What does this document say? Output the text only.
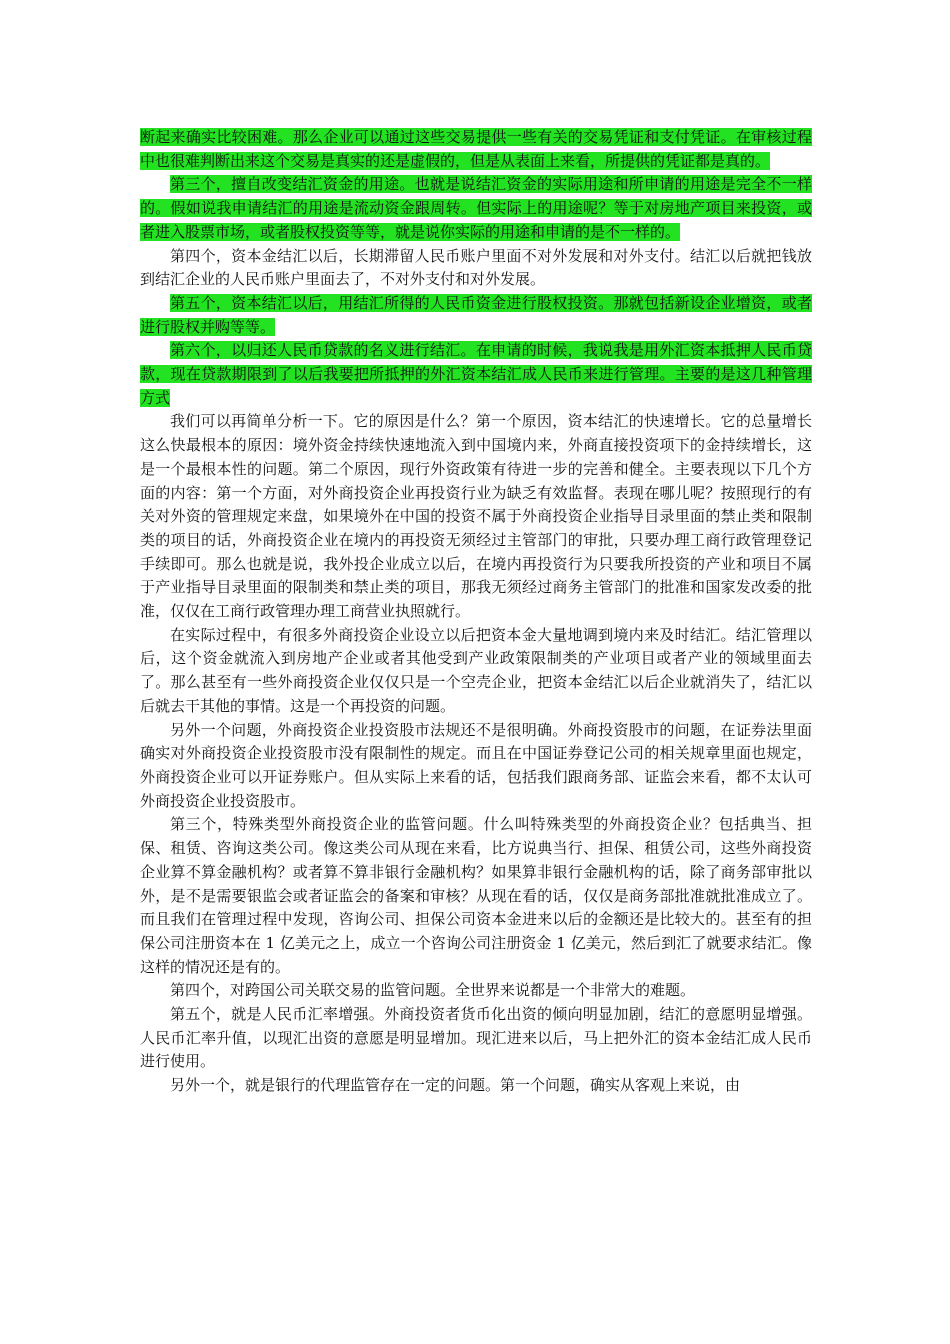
断起来确实比较困难。那么企业可以通过这些交易提供一些有关的交易凭证和支付凭证。在审核过程中也很难判断出来这个交易是真实的还是虚假的，但是从表面上来看，所提供的凭证都是真的。

第三个，擅自改变结汇资金的用途。也就是说结汇资金的实际用途和所申请的用途是完全不一样的。假如说我申请结汇的用途是流动资金跟周转。但实际上的用途呢？等于对房地产项目来投资，或者进入股票市场，或者股权投资等等，就是说你实际的用途和申请的是不一样的。

第四个，资本金结汇以后，长期滞留人民币账户里面不对外发展和对外支付。结汇以后就把钱放到结汇企业的人民币账户里面去了，不对外支付和对外发展。

第五个，资本结汇以后，用结汇所得的人民币资金进行股权投资。那就包括新设企业增资，或者进行股权并购等等。

第六个，以归还人民币贷款的名义进行结汇。在申请的时候，我说我是用外汇资本抵押人民币贷款，现在贷款期限到了以后我要把所抵押的外汇资本结汇成人民币来进行管理。主要的是这几种管理方式

我们可以再简单分析一下。它的原因是什么？第一个原因，资本结汇的快速增长。它的总量增长这么快最根本的原因：境外资金持续快速地流入到中国境内来，外商直接投资项下的金持续增长，这是一个最根本性的问题。第二个原因，现行外资政策有待进一步的完善和健全。主要表现以下几个方面的内容：第一个方面，对外商投资企业再投资行业为缺乏有效监督。表现在哪儿呢？按照现行的有关对外资的管理规定来盘，如果境外在中国的投资不属于外商投资企业指导目录里面的禁止类和限制类的项目的话，外商投资企业在境内的再投资无须经过主管部门的审批，只要办理工商行政管理登记手续即可。那么也就是说，我外投企业成立以后，在境内再投资行为只要我所投资的产业和项目不属于产业指导目录里面的限制类和禁止类的项目，那我无须经过商务主管部门的批准和国家发改委的批准，仅仅在工商行政管理办理工商营业执照就行。

在实际过程中，有很多外商投资企业设立以后把资本金大量地调到境内来及时结汇。结汇管理以后，这个资金就流入到房地产企业或者其他受到产业政策限制类的产业项目或者产业的领域里面去了。那么甚至有一些外商投资企业仅仅只是一个空壳企业，把资本金结汇以后企业就消失了，结汇以后就去干其他的事情。这是一个再投资的问题。

另外一个问题，外商投资企业投资股市法规还不是很明确。外商投资股市的问题，在证券法里面确实对外商投资企业投资股市没有限制性的规定。而且在中国证券登记公司的相关规章里面也规定，外商投资企业可以开证券账户。但从实际上来看的话，包括我们跟商务部、证监会来看，都不太认可外商投资企业投资股市。

第三个，特殊类型外商投资企业的监管问题。什么叫特殊类型的外商投资企业？包括典当、担保、租赁、咨询这类公司。像这类公司从现在来看，比方说典当行、担保、租赁公司，这些外商投资企业算不算金融机构？或者算不算非银行金融机构？如果算非银行金融机构的话，除了商务部审批以外，是不是需要银监会或者证监会的备案和审核？从现在看的话，仅仅是商务部批准就批准成立了。而且我们在管理过程中发现，咨询公司、担保公司资本金进来以后的金额还是比较大的。甚至有的担保公司注册资本在 1 亿美元之上，成立一个咨询公司注册资金 1 亿美元，然后到汇了就要求结汇。像这样的情况还是有的。

第四个，对跨国公司关联交易的监管问题。全世界来说都是一个非常大的难题。

第五个，就是人民币汇率增强。外商投资者货币化出资的倾向明显加剧，结汇的意愿明显增强。人民币汇率升值，以现汇出资的意愿是明显增加。现汇进来以后，马上把外汇的资本金结汇成人民币进行使用。

另外一个，就是银行的代理监管存在一定的问题。第一个问题，确实从客观上来说，由
